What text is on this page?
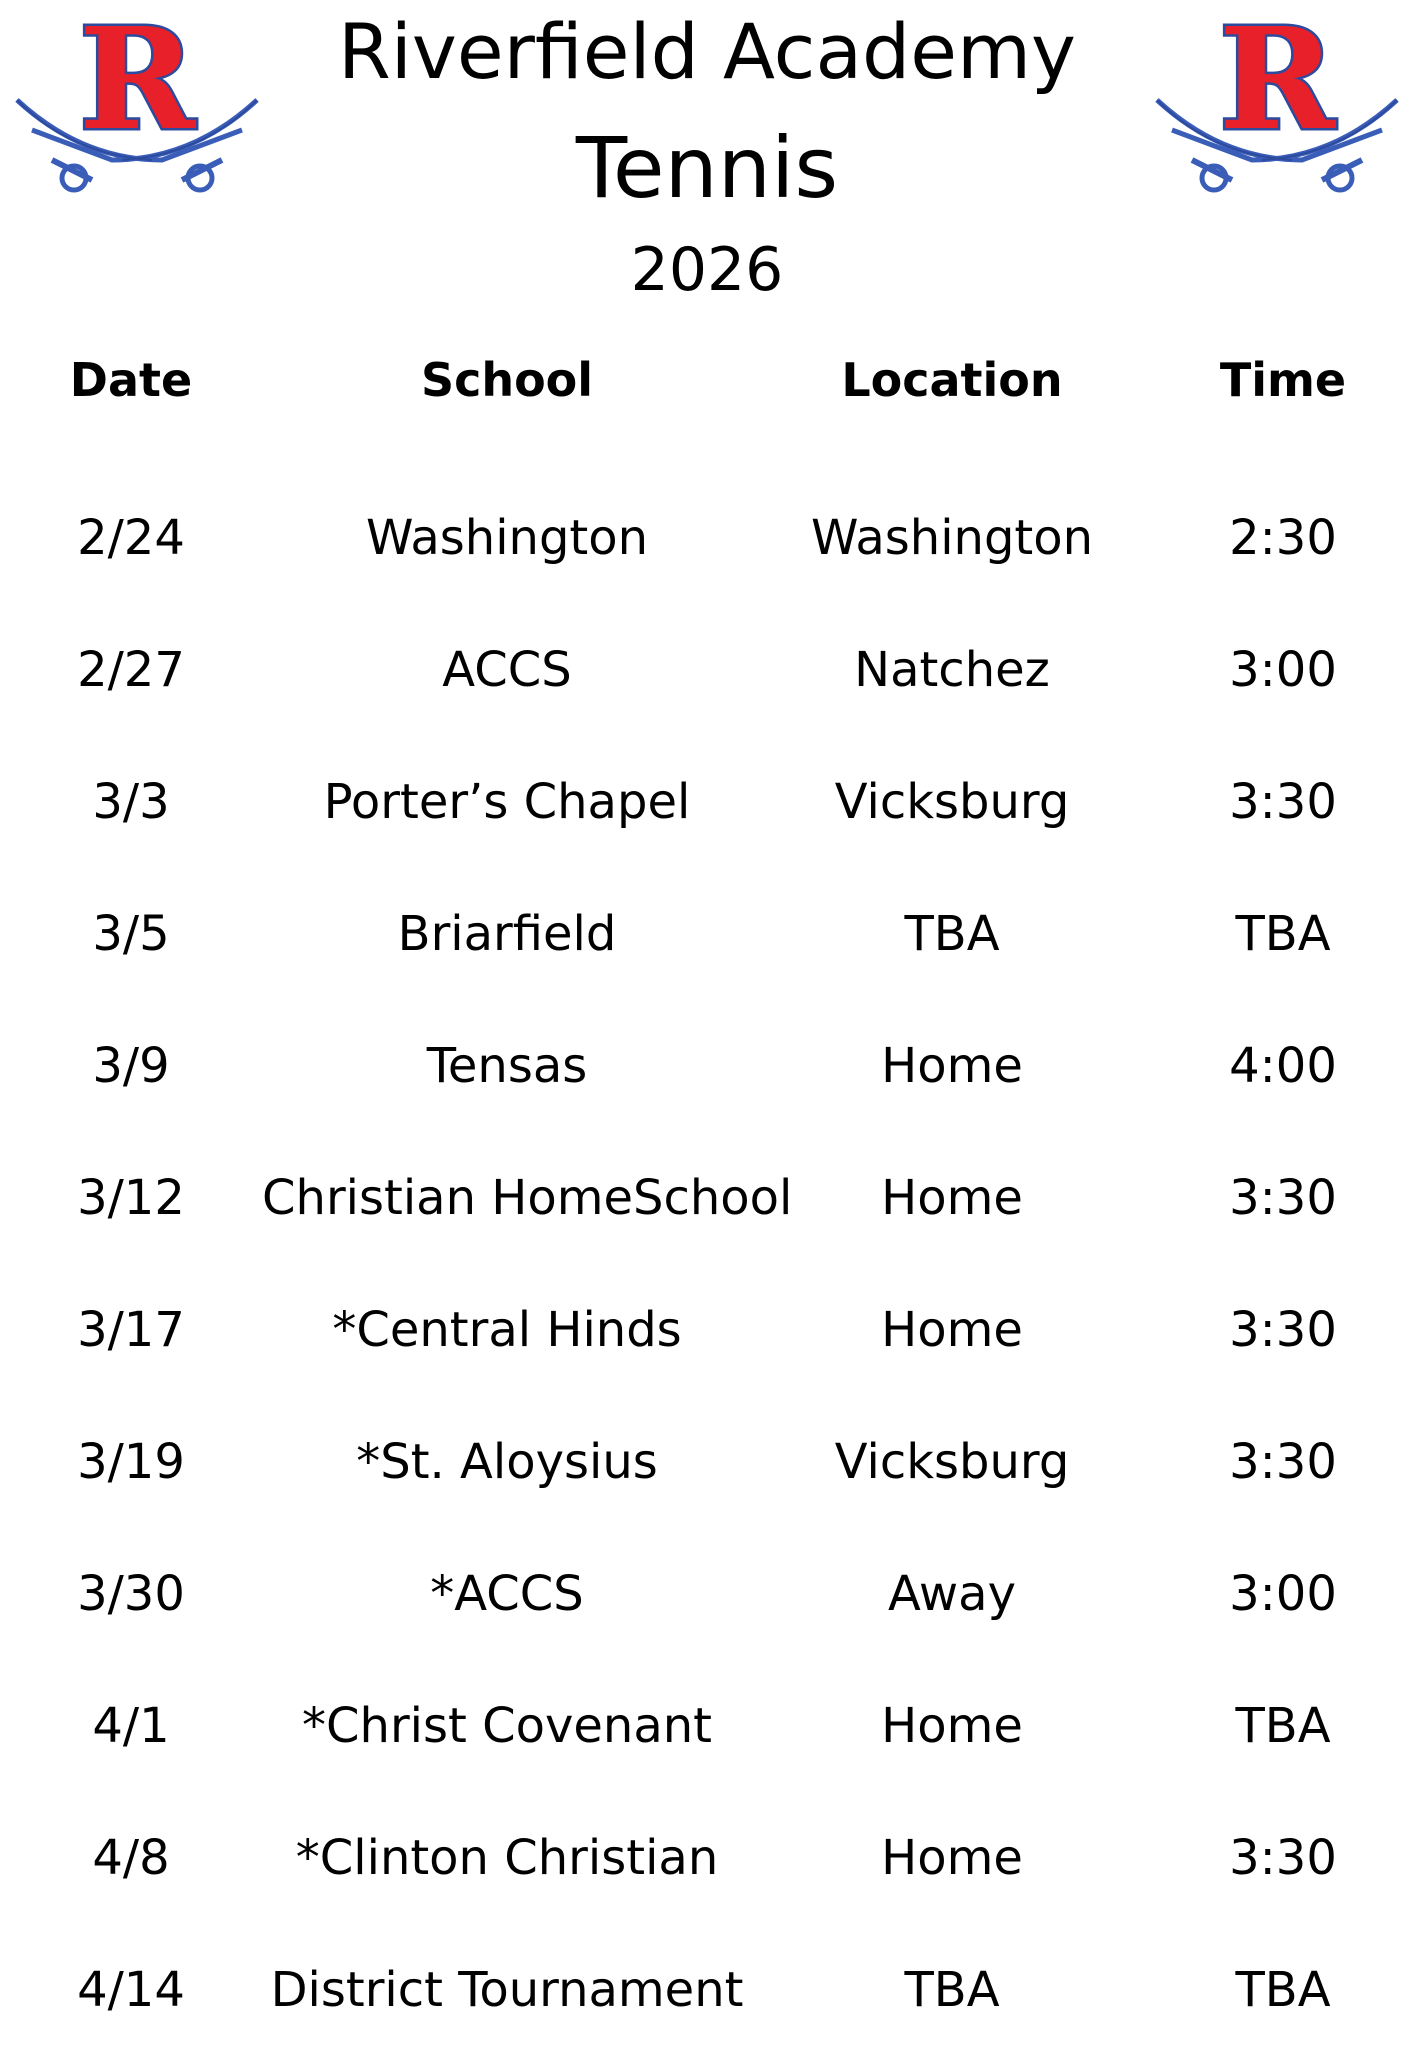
R	R
Riverfield Academy
Tennis
2026
Date	School	Location	Time
2/24	Washington	Washington	2:30
2/27	ACCS	Natchez	3:00
3/3	Porter’s Chapel	Vicksburg	3:30
3/5	Briarfield	TBA	TBA
3/9	Tensas	Home	4:00
3/12	Christian HomeSchool	Home	3:30
3/17	*Central Hinds	Home	3:30
3/19	*St. Aloysius	Vicksburg	3:30
3/30	*ACCS	Away	3:00
4/1	*Christ Covenant	Home	TBA
4/8	*Clinton Christian	Home	3:30
4/14	District Tournament	TBA	TBA
